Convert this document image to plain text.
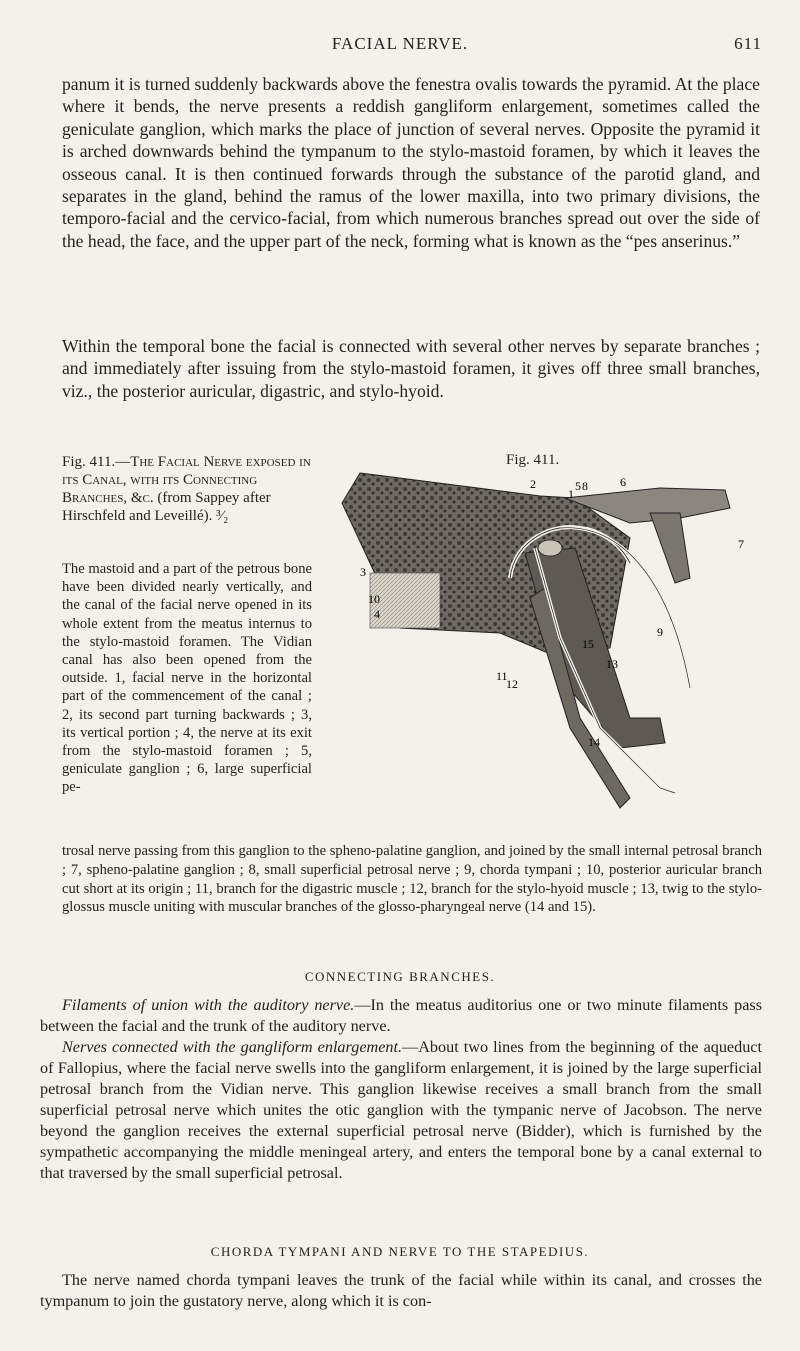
FACIAL NERVE.	611

panum it is turned suddenly backwards above the fenestra ovalis towards the pyramid. At the place where it bends, the nerve presents a reddish gangliform enlargement, sometimes called the geniculate ganglion, which marks the place of junction of several nerves. Opposite the pyramid it is arched downwards behind the tympanum to the stylo-mastoid foramen, by which it leaves the osseous canal. It is then continued forwards through the substance of the parotid gland, and separates in the gland, behind the ramus of the lower maxilla, into two primary divisions, the temporo-facial and the cervico-facial, from which numerous branches spread out over the side of the head, the face, and the upper part of the neck, forming what is known as the “pes anserinus.”

Within the temporal bone the facial is connected with several other nerves by separate branches ; and immediately after issuing from the stylo-mastoid foramen, it gives off three small branches, viz., the posterior auricular, digastric, and stylo-hyoid.

Fig. 411.—The Facial Nerve exposed in its Canal, with its Connecting Branches, &c. (from Sappey after Hirschfeld and Leveillé). ³⁄₂
Fig. 411.
2
1
5 8	6
7
3
10
4
9
15
13
11
12
14
The mastoid and a part of the petrous bone have been divided nearly vertically, and the canal of the facial nerve opened in its whole extent from the meatus internus to the stylo-mastoid foramen. The Vidian canal has also been opened from the outside. 1, facial nerve in the horizontal part of the commencement of the canal ; 2, its second part turning backwards ; 3, its vertical portion ; 4, the nerve at its exit from the stylo-mastoid foramen ; 5, geniculate ganglion ; 6, large superficial pe-
trosal nerve passing from this ganglion to the spheno-palatine ganglion, and joined by the small internal petrosal branch ; 7, spheno-palatine ganglion ; 8, small superficial petrosal nerve ; 9, chorda tympani ; 10, posterior auricular branch cut short at its origin ; 11, branch for the digastric muscle ; 12, branch for the stylo-hyoid muscle ; 13, twig to the stylo-glossus muscle uniting with muscular branches of the glosso-pharyngeal nerve (14 and 15).
CONNECTING BRANCHES.

Filaments of union with the auditory nerve.—In the meatus auditorius one or two minute filaments pass between the facial and the trunk of the auditory nerve.

Nerves connected with the gangliform enlargement.—About two lines from the beginning of the aqueduct of Fallopius, where the facial nerve swells into the gangliform enlargement, it is joined by the large superficial petrosal branch from the Vidian nerve. This ganglion likewise receives a small branch from the small superficial petrosal nerve which unites the otic ganglion with the tympanic nerve of Jacobson. The nerve beyond the ganglion receives the external superficial petrosal nerve (Bidder), which is furnished by the sympathetic accompanying the middle meningeal artery, and enters the temporal bone by a canal external to that traversed by the small superficial petrosal.

CHORDA TYMPANI AND NERVE TO THE STAPEDIUS.

The nerve named chorda tympani leaves the trunk of the facial while within its canal, and crosses the tympanum to join the gustatory nerve, along which it is con-
